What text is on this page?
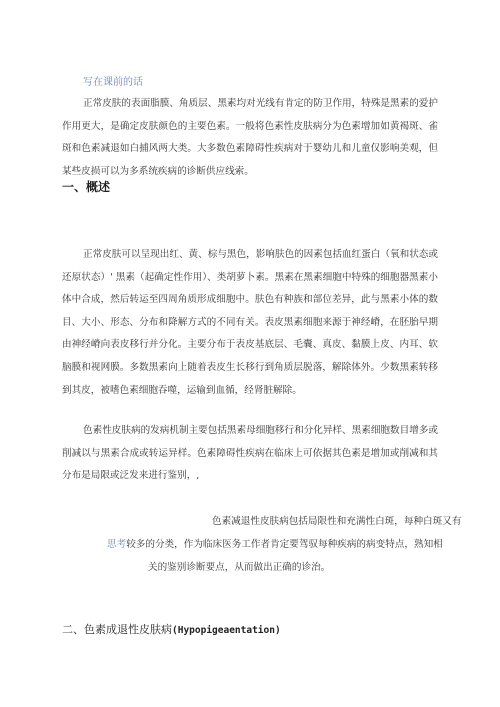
写在课前的话

正常皮肤的表面脂膜、角质层、黑素均对光线有肯定的防卫作用，特殊是黑素的爱护作用更大，是确定皮肤颜色的主要色素。一般将色素性皮肤病分为色素增加如黄褐斑、雀斑和色素减退如白捕风两大类。大多数色素障碍性疾病对于婴幼儿和儿童仅影响美观，但某些皮损可以为多系统疾病的诊断供应线索。

一、概述

正常皮肤可以呈现出红、黄、棕与黑色，影响肤色的因素包括血红蛋白（氧和状态或还原状态）' 黑素（起确定性作用）、类胡萝卜素。黑素在黑素细胞中特殊的细胞器黑素小体中合成，然后转运至四周角质形成细胞中。肤色有种族和部位差异，此与黑素小体的数目、大小、形态、分布和降解方式的不同有关。表皮黑素细胞来源于神经嵴，在胚胎早期由神经嵴向表皮移行并分化。主要分布于表皮基底层、毛囊、真皮、黏膜上皮、内耳、软脑膜和视网膜。多数黑素向上随着表皮生长移行到角质层脱落，解除体外。少数黑素转移到其皮，被嗜色素细胞吞噬，运输到血循，经肾脏解除。

色素性皮肤病的发病机制主要包括黑素母细胞移行和分化异样、黑素细胞数目增多或削减以与黑素合成或转运异样。色素障碍性疾病在临床上可依据其色素是增加或削减和其分布是局限或泛发来进行鉴别，,

色素减退性皮肤病包括局限性和充满性白斑，每种白斑又有
思考较多的分类，作为临床医务工作者肯定要驾驭每种疾病的病变特点，熟知相
关的鉴别诊断要点，从而做出正确的诊治。
二、色素成退性皮肤病(Hypopigeaentation)
